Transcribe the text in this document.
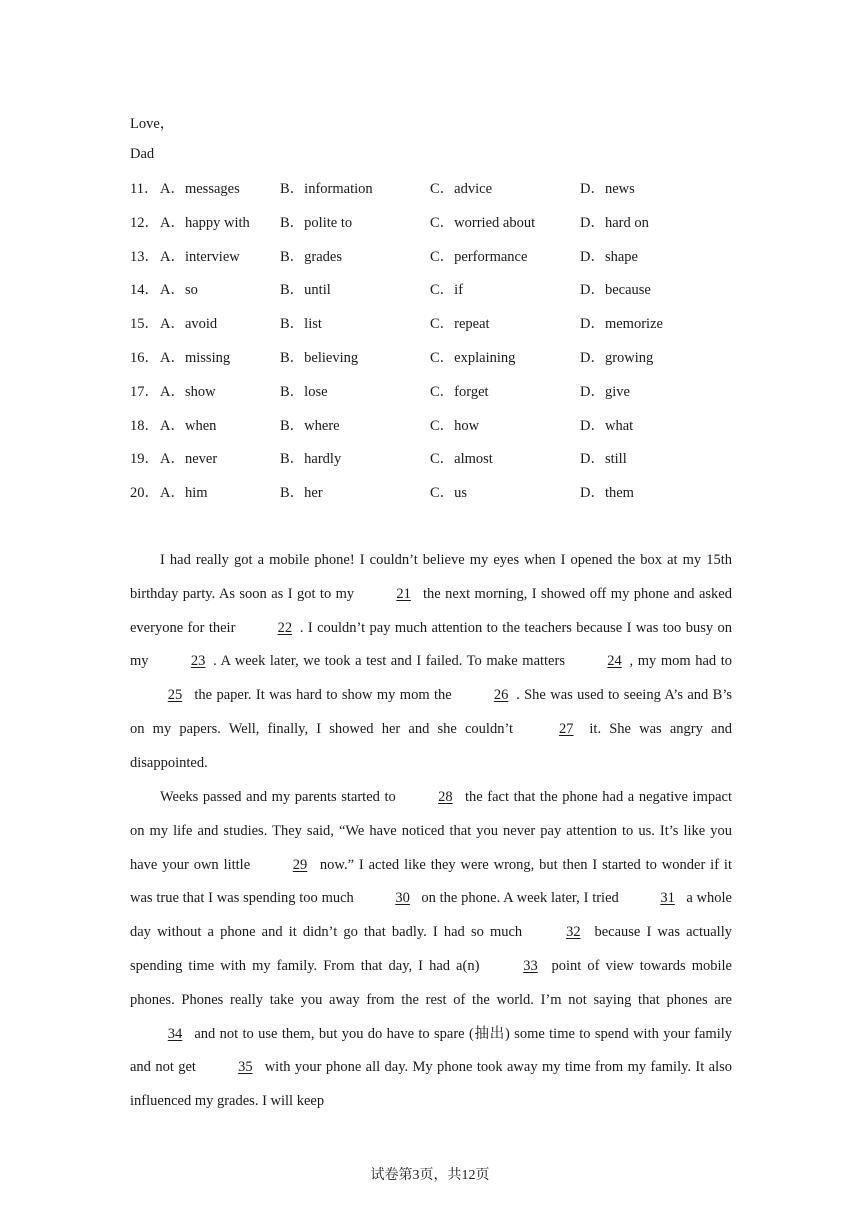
Love，
Dad
11． A．messages	B．information	C．advice	D．news
12． A．happy with B．polite to	C．worried about	D．hard on
13． A．interview	B．grades	C．performance	D．shape
14． A．so	B．until	C．if	D．because
15． A．avoid	B．list	C．repeat	D．memorize
16． A．missing	B．believing	C．explaining	D．growing
17． A．show	B．lose	C．forget	D．give
18． A．when	B．where	C．how	D．what
19． A．never	B．hardly	C．almost	D．still
20． A．him	B．her	C．us	D．them
I had really got a mobile phone! I couldn’t believe my eyes when I opened the box at my 15th birthday party. As soon as I got to my	21 the next morning, I showed off my phone and asked everyone for their	22 . I couldn’t pay much attention to the teachers because I was too busy on my	23 . A week later, we took a test and I failed. To make matters	24 , my mom had to 25 the paper. It was hard to show my mom the	26 . She was used to seeing A’s and B’s on my papers. Well, finally, I showed her and she couldn’t	27 it. She was angry and disappointed.
Weeks passed and my parents started to	28 the fact that the phone had a negative impact on my life and studies. They said, “We have noticed that you never pay attention to us. It’s like you have your own little	29 now.” I acted like they were wrong, but then I started to wonder if it was true that I was spending too much	30 on the phone. A week later, I tried	31 a whole day without a phone and it didn’t go that badly. I had so much	32 because I was actually spending time with my family. From that day, I had a(n)	33 point of view towards mobile phones. Phones really take you away from the rest of the world. I’m not saying that phones are 34 and not to use them, but you do have to spare (抽出) some time to spend with your family and not get	35 with your phone all day. My phone took away my time from my family. It also influenced my grades. I will keep
试卷第3页，共12页
